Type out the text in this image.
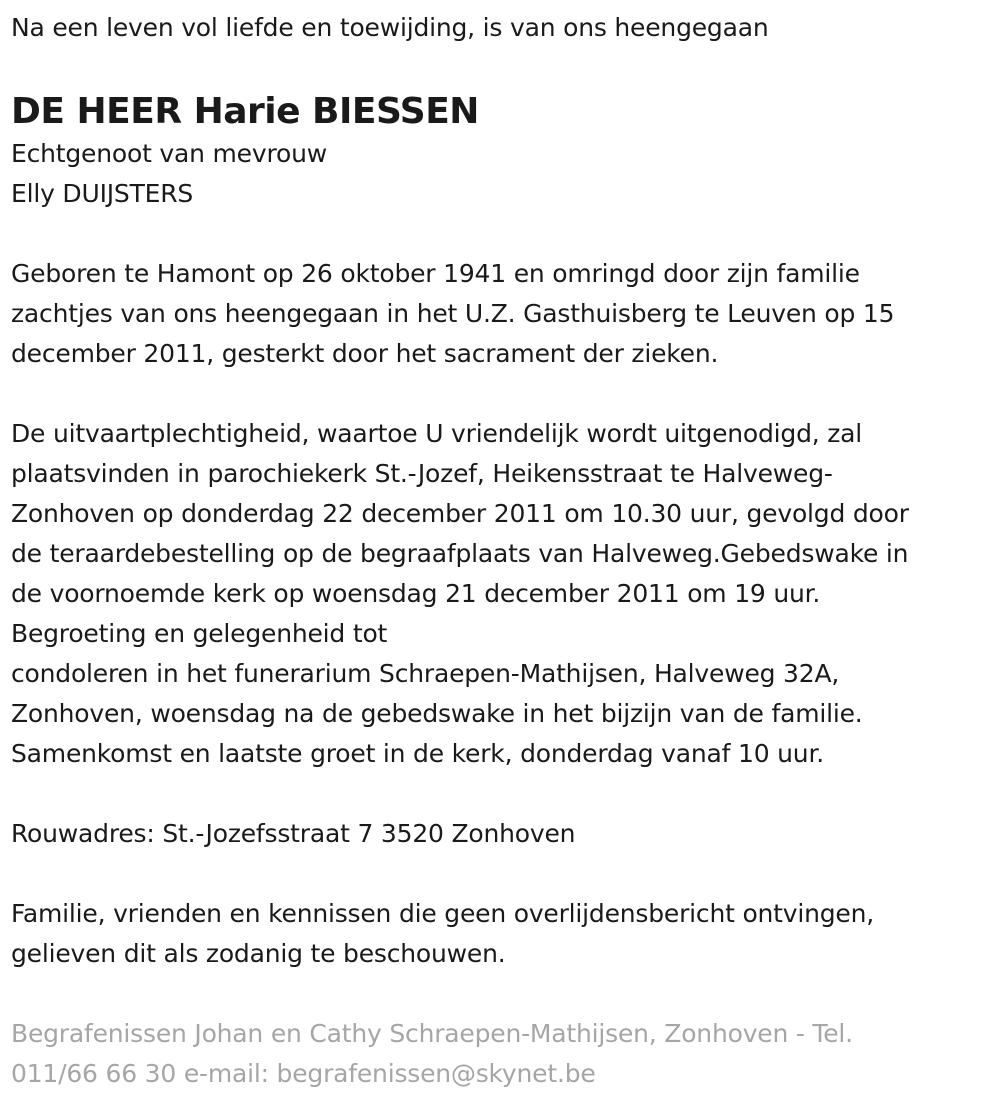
Na een leven vol liefde en toewijding, is van ons heengegaan
DE HEER Harie BIESSEN
Echtgenoot van mevrouw
Elly DUIJSTERS
Geboren te Hamont op 26 oktober 1941 en omringd door zijn familie
zachtjes van ons heengegaan in het U.Z. Gasthuisberg te Leuven op 15
december 2011, gesterkt door het sacrament der zieken.
De uitvaartplechtigheid, waartoe U vriendelijk wordt uitgenodigd, zal
plaatsvinden in parochiekerk St.-Jozef, Heikensstraat te Halveweg-
Zonhoven op donderdag 22 december 2011 om 10.30 uur, gevolgd door
de teraardebestelling op de begraafplaats van Halveweg.Gebedswake in
de voornoemde kerk op woensdag 21 december 2011 om 19 uur.
Begroeting en gelegenheid tot
condoleren in het funerarium Schraepen-Mathijsen, Halveweg 32A,
Zonhoven, woensdag na de gebedswake in het bijzijn van de familie.
Samenkomst en laatste groet in de kerk, donderdag vanaf 10 uur.
Rouwadres: St.-Jozefsstraat 7 3520 Zonhoven
Familie, vrienden en kennissen die geen overlijdensbericht ontvingen,
gelieven dit als zodanig te beschouwen.
Begrafenissen Johan en Cathy Schraepen-Mathijsen, Zonhoven - Tel.
011/66 66 30 e-mail: begrafenissen@skynet.be
